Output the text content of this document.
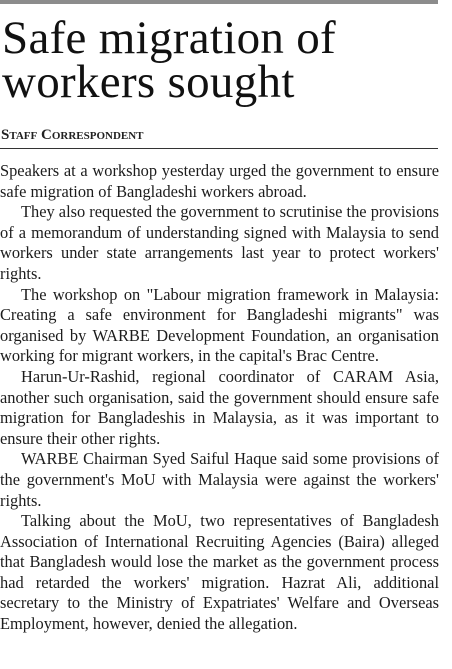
Safe migration of workers sought
Staff Correspondent

Speakers at a workshop yesterday urged the government to ensure safe migration of Bangladeshi workers abroad.

They also requested the government to scrutinise the provisions of a memorandum of understanding signed with Malaysia to send workers under state arrangements last year to protect workers' rights.

The workshop on "Labour migration framework in Malaysia: Creating a safe environment for Bangladeshi migrants" was organised by WARBE Development Foundation, an organisation working for migrant workers, in the capital's Brac Centre.

Harun-Ur-Rashid, regional coordinator of CARAM Asia, another such organisation, said the government should ensure safe migration for Bangladeshis in Malaysia, as it was important to ensure their other rights.

WARBE Chairman Syed Saiful Haque said some provisions of the government's MoU with Malaysia were against the workers' rights.

Talking about the MoU, two representatives of Bangladesh Association of International Recruiting Agencies (Baira) alleged that Bangladesh would lose the market as the government process had retarded the workers' migration. Hazrat Ali, additional secretary to the Ministry of Expatriates' Welfare and Overseas Employment, however, denied the allegation.
